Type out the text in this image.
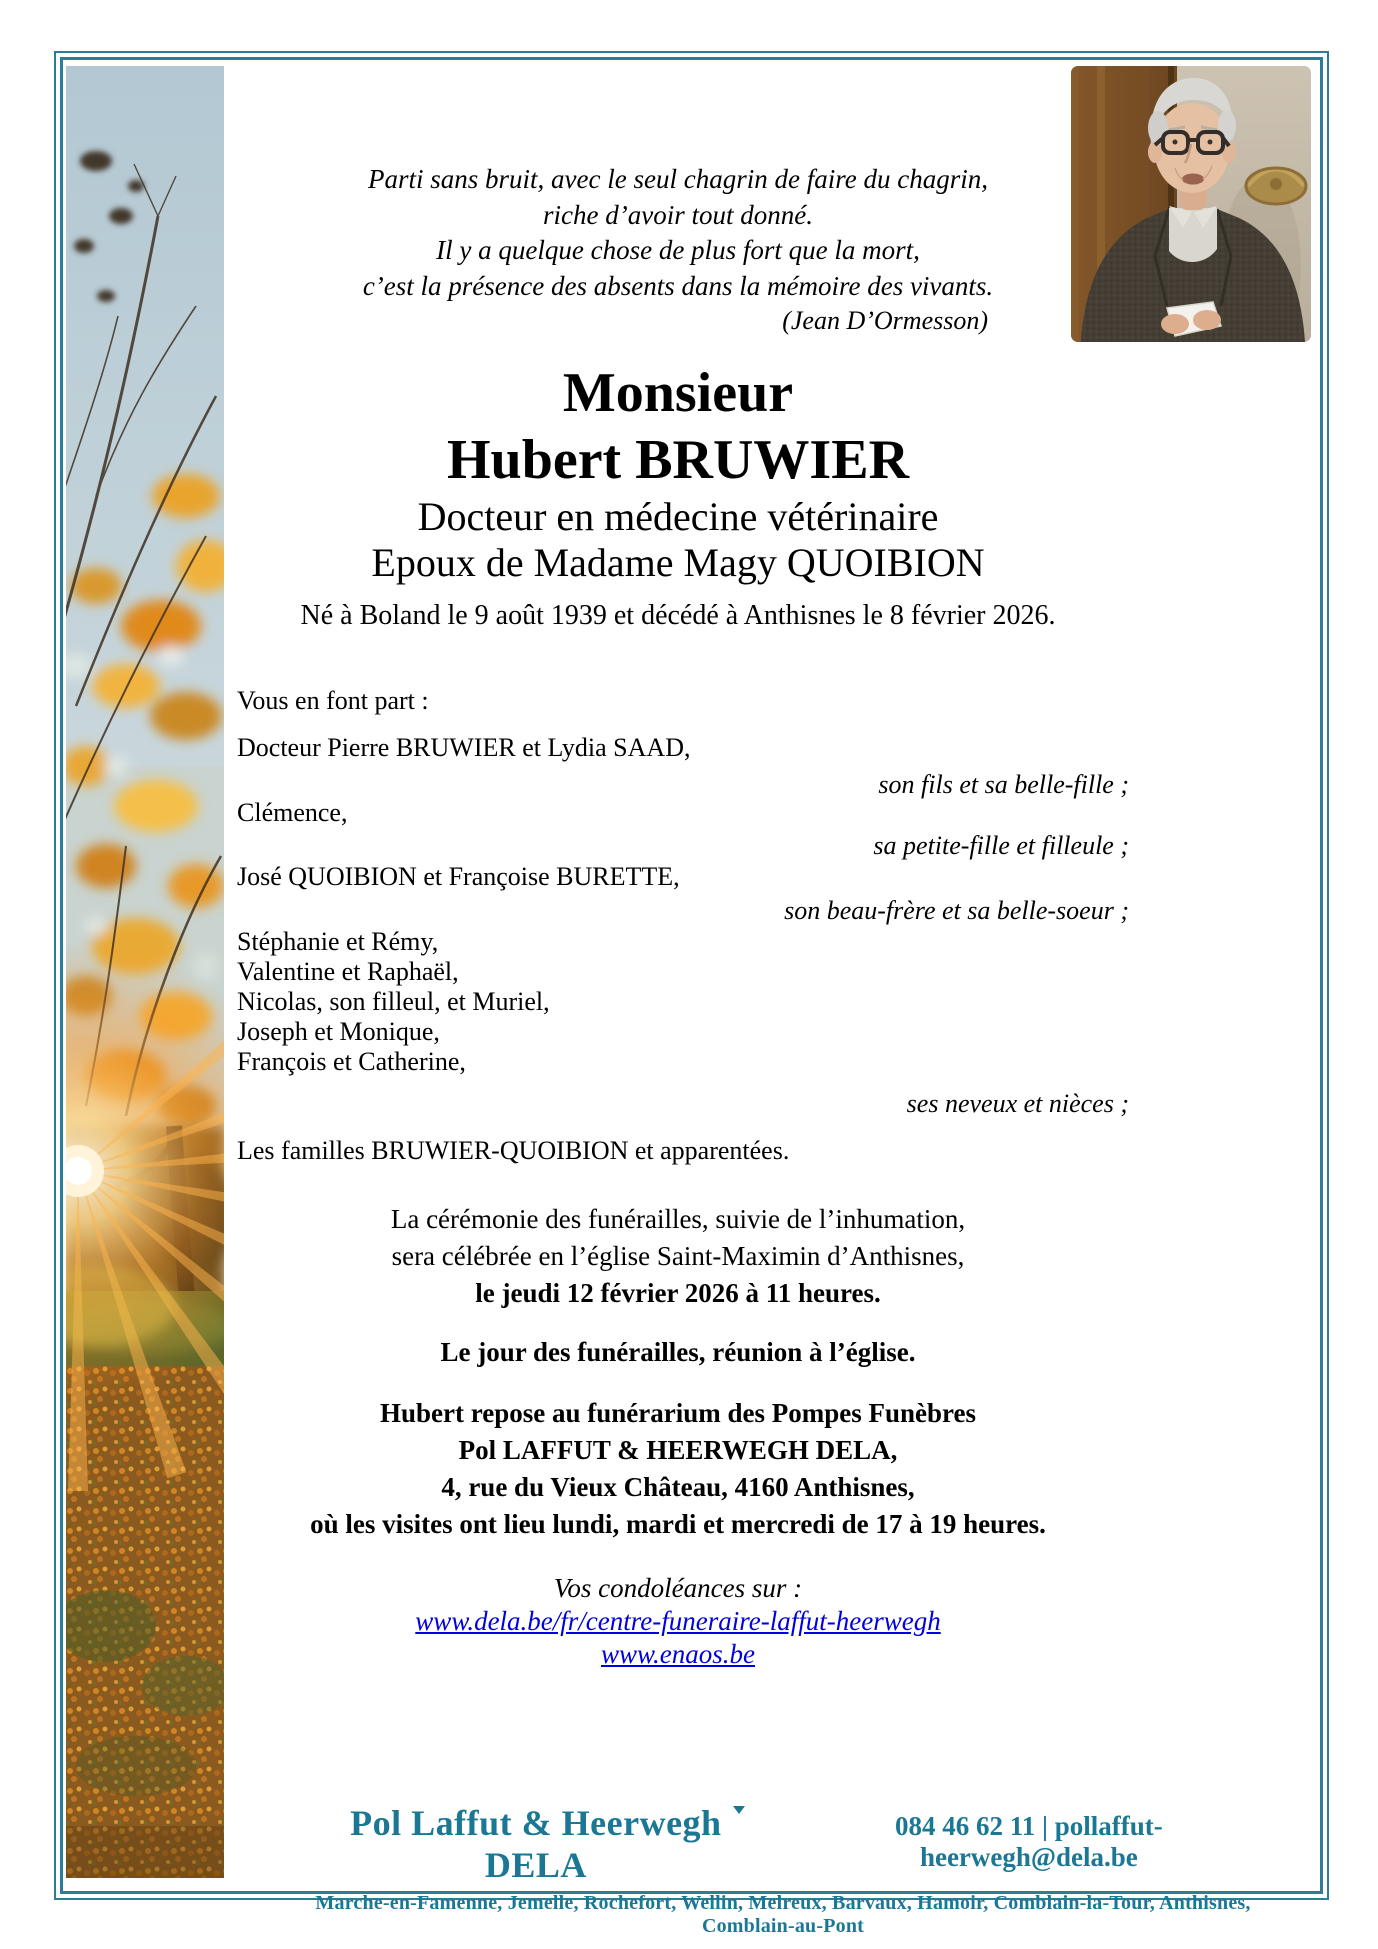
Parti sans bruit, avec le seul chagrin de faire du chagrin,
riche d’avoir tout donné.
Il y a quelque chose de plus fort que la mort,
c’est la présence des absents dans la mémoire des vivants.
(Jean D’Ormesson)
Monsieur
Hubert BRUWIER
Docteur en médecine vétérinaire
Epoux de Madame Magy QUOIBION
Né à Boland le 9 août 1939 et décédé à Anthisnes le 8 février 2026.
Vous en font part :
Docteur Pierre BRUWIER et Lydia SAAD,
son fils et sa belle-fille ;
Clémence,
sa petite-fille et filleule ;
José QUOIBION et Françoise BURETTE,
son beau-frère et sa belle-soeur ;
Stéphanie et Rémy,
Valentine et Raphaël,
Nicolas, son filleul, et Muriel,
Joseph et Monique,
François et Catherine,
ses neveux et nièces ;
Les familles BRUWIER-QUOIBION et apparentées.
La cérémonie des funérailles, suivie de l’inhumation,
sera célébrée en l’église Saint-Maximin d’Anthisnes,
le jeudi 12 février 2026 à 11 heures.
Le jour des funérailles, réunion à l’église.
Hubert repose au funérarium des Pompes Funèbres
Pol LAFFUT & HEERWEGH DELA,
4, rue du Vieux Château, 4160 Anthisnes,
où les visites ont lieu lundi, mardi et mercredi de 17 à 19 heures.
Vos condoléances sur :
www.dela.be/fr/centre-funeraire-laffut-heerwegh
www.enaos.be
Pol Laffut & Heerwegh DELA
084 46 62 11 | pollaffut-heerwegh@dela.be
Marche-en-Famenne, Jemelle, Rochefort, Wellin, Melreux, Barvaux, Hamoir, Comblain-la-Tour, Anthisnes, Comblain-au-Pont
